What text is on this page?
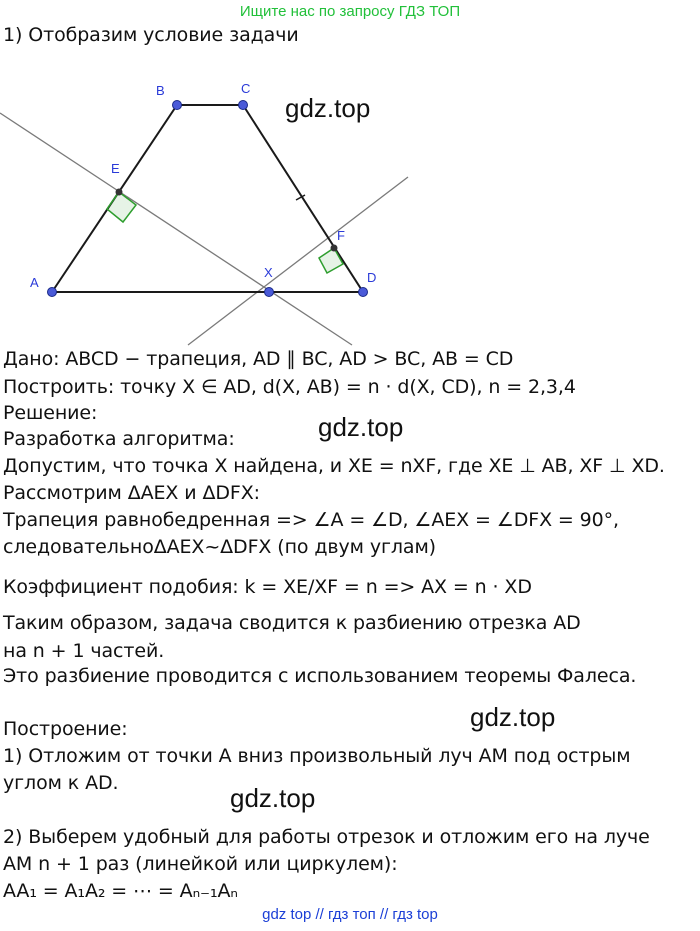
Ищите нас по запросу ГДЗ ТОП
1) Отобразим условие задачи
A
B	C
D
E
F
X
gdz.top
gdz.top
gdz.top
gdz.top
Дано: ABCD − трапеция, AD ∥ BC, AD > BC, AB = CD
Построить: точку X ∈ AD, d(X, AB) = n · d(X, CD), n = 2,3,4
Решение:
Разработка алгоритма:
Допустим, что точка X найдена, и XE = nXF, где XE ⊥ AB, XF ⊥ XD.
Рассмотрим ΔAEX и ΔDFX:
Трапеция равнобедренная => ∠A = ∠D, ∠AEX = ∠DFX = 90°,
следовательноΔAEX~ΔDFX (по двум углам)
Коэффициент подобия: k = XE/XF = n => AX = n · XD
Таким образом, задача сводится к разбиению отрезка AD
на n + 1 частей.
Это разбиение проводится с использованием теоремы Фалеса.
Построение:
1) Отложим от точки А вниз произвольный луч AM под острым
углом к AD.
2) Выберем удобный для работы отрезок и отложим его на луче
AM n + 1 раз (линейкой или циркулем):
AA₁ = A₁A₂ = ⋯ = Aₙ₋₁Aₙ
gdz top // гдз топ // гдз top
